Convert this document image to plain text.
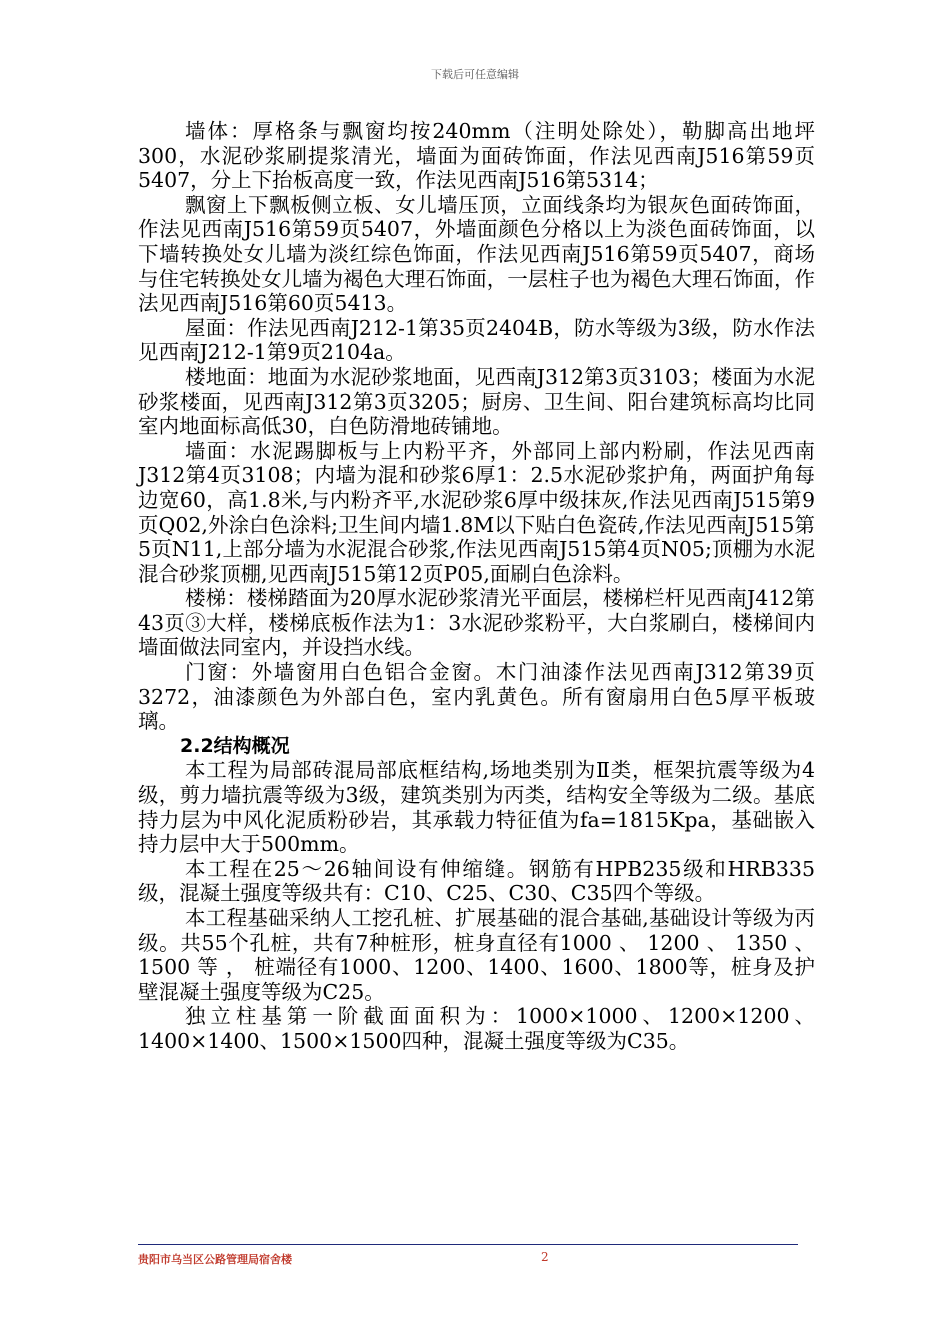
下载后可任意编辑

墙体：厚格条与飘窗均按240mm（注明处除处），勒脚高出地坪300，水泥砂浆刷提浆清光，墙面为面砖饰面，作法见西南J516第59页5407，分上下抬板高度一致，作法见西南J516第5314；

飘窗上下飘板侧立板、女儿墙压顶，立面线条均为银灰色面砖饰面，作法见西南J516第59页5407，外墙面颜色分格以上为淡色面砖饰面，以下墙转换处女儿墙为淡红综色饰面，作法见西南J516第59页5407，商场与住宅转换处女儿墙为褐色大理石饰面，一层柱子也为褐色大理石饰面，作法见西南J516第60页5413。

屋面：作法见西南J212-1第35页2404B，防水等级为3级，防水作法见西南J212-1第9页2104a。

楼地面：地面为水泥砂浆地面，见西南J312第3页3103；楼面为水泥砂浆楼面，见西南J312第3页3205；厨房、卫生间、阳台建筑标高均比同室内地面标高低30，白色防滑地砖铺地。

墙面：水泥踢脚板与上内粉平齐，外部同上部内粉刷，作法见西南J312第4页3108；内墙为混和砂浆6厚1：2.5水泥砂浆护角，两面护角每边宽60，高1.8米,与内粉齐平,水泥砂浆6厚中级抹灰,作法见西南J515第9页Q02,外涂白色涂料;卫生间内墙1.8M以下贴白色瓷砖,作法见西南J515第5页N11,上部分墙为水泥混合砂浆,作法见西南J515第4页N05;顶棚为水泥混合砂浆顶棚,见西南J515第12页P05,面刷白色涂料。

楼梯：楼梯踏面为20厚水泥砂浆清光平面层，楼梯栏杆见西南J412第43页③大样，楼梯底板作法为1：3水泥砂浆粉平，大白浆刷白，楼梯间内墙面做法同室内，并设挡水线。

门窗：外墙窗用白色铝合金窗。木门油漆作法见西南J312第39页3272，油漆颜色为外部白色，室内乳黄色。所有窗扇用白色5厚平板玻璃。

2.2结构概况

本工程为局部砖混局部底框结构,场地类别为Ⅱ类，框架抗震等级为4级，剪力墙抗震等级为3级，建筑类别为丙类，结构安全等级为二级。基底持力层为中风化泥质粉砂岩，其承载力特征值为fa=1815Kpa，基础嵌入持力层中大于500mm。

本工程在25～26轴间设有伸缩缝。钢筋有HPB235级和HRB335级，混凝土强度等级共有：C10、C25、C30、C35四个等级。

本工程基础采纳人工挖孔桩、扩展基础的混合基础,基础设计等级为丙级。共55个孔桩，共有7种桩形，桩身直径有1000 、 1200 、 1350 、 1500 等 ， 桩端径有1000、1200、1400、1600、1800等，桩身及护壁混凝土强度等级为C25。

独立柱基第一阶截面面积为：1000×1000、1200×1200、1400×1400、1500×1500四种，混凝土强度等级为C35。

贵阳市乌当区公路管理局宿舍楼	2
